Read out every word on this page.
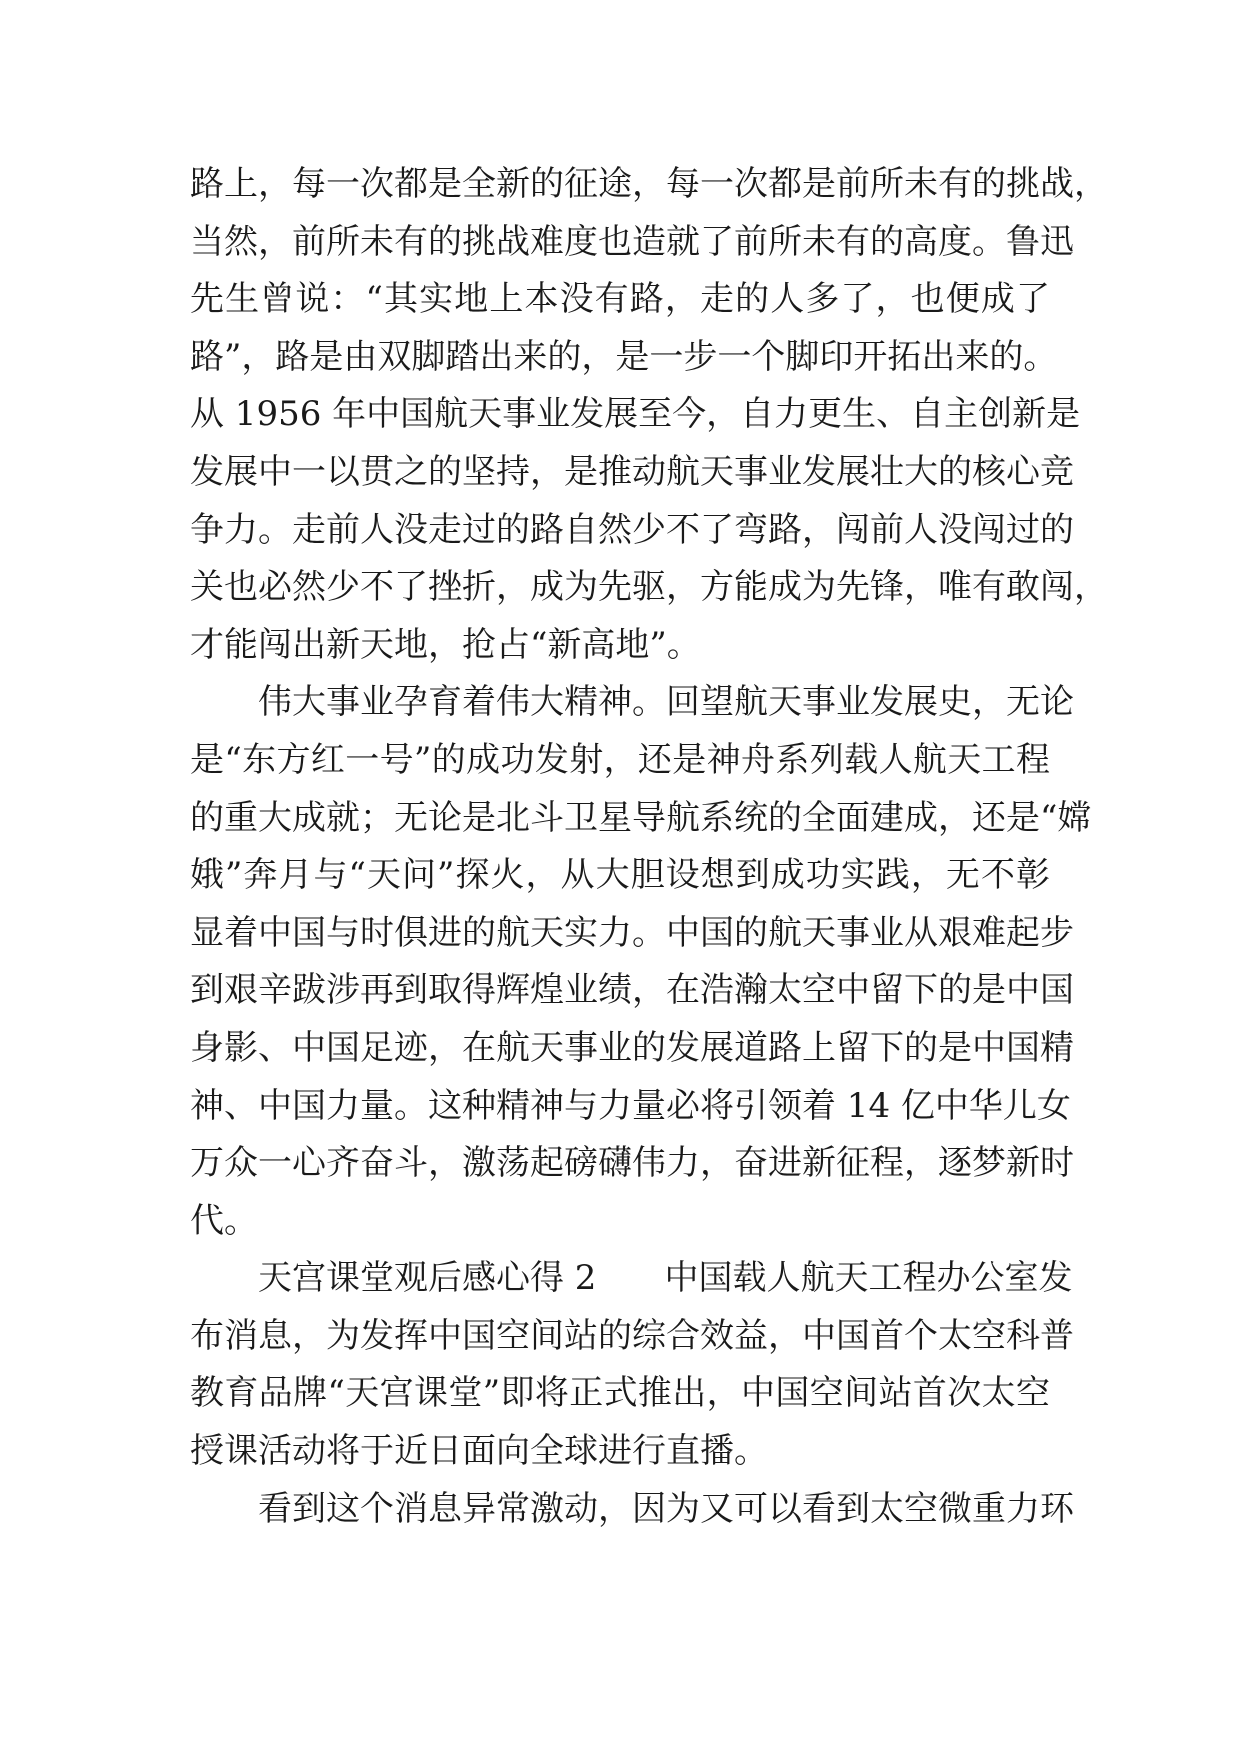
路上，每一次都是全新的征途，每一次都是前所未有的挑战，
当然，前所未有的挑战难度也造就了前所未有的高度。鲁迅
先生曾说：“其实地上本没有路，走的人多了，也便成了
路”，路是由双脚踏出来的，是一步一个脚印开拓出来的。
从 1956 年中国航天事业发展至今，自力更生、自主创新是
发展中一以贯之的坚持，是推动航天事业发展壮大的核心竞
争力。走前人没走过的路自然少不了弯路，闯前人没闯过的
关也必然少不了挫折，成为先驱，方能成为先锋，唯有敢闯，
才能闯出新天地，抢占“新高地”。
伟大事业孕育着伟大精神。回望航天事业发展史，无论
是“东方红一号”的成功发射，还是神舟系列载人航天工程
的重大成就；无论是北斗卫星导航系统的全面建成，还是“嫦
娥”奔月与“天问”探火，从大胆设想到成功实践，无不彰
显着中国与时俱进的航天实力。中国的航天事业从艰难起步
到艰辛跋涉再到取得辉煌业绩，在浩瀚太空中留下的是中国
身影、中国足迹，在航天事业的发展道路上留下的是中国精
神、中国力量。这种精神与力量必将引领着 14 亿中华儿女
万众一心齐奋斗，激荡起磅礴伟力，奋进新征程，逐梦新时
代。
天宫课堂观后感心得 2　　中国载人航天工程办公室发
布消息，为发挥中国空间站的综合效益，中国首个太空科普
教育品牌“天宫课堂”即将正式推出，中国空间站首次太空
授课活动将于近日面向全球进行直播。
看到这个消息异常激动，因为又可以看到太空微重力环
